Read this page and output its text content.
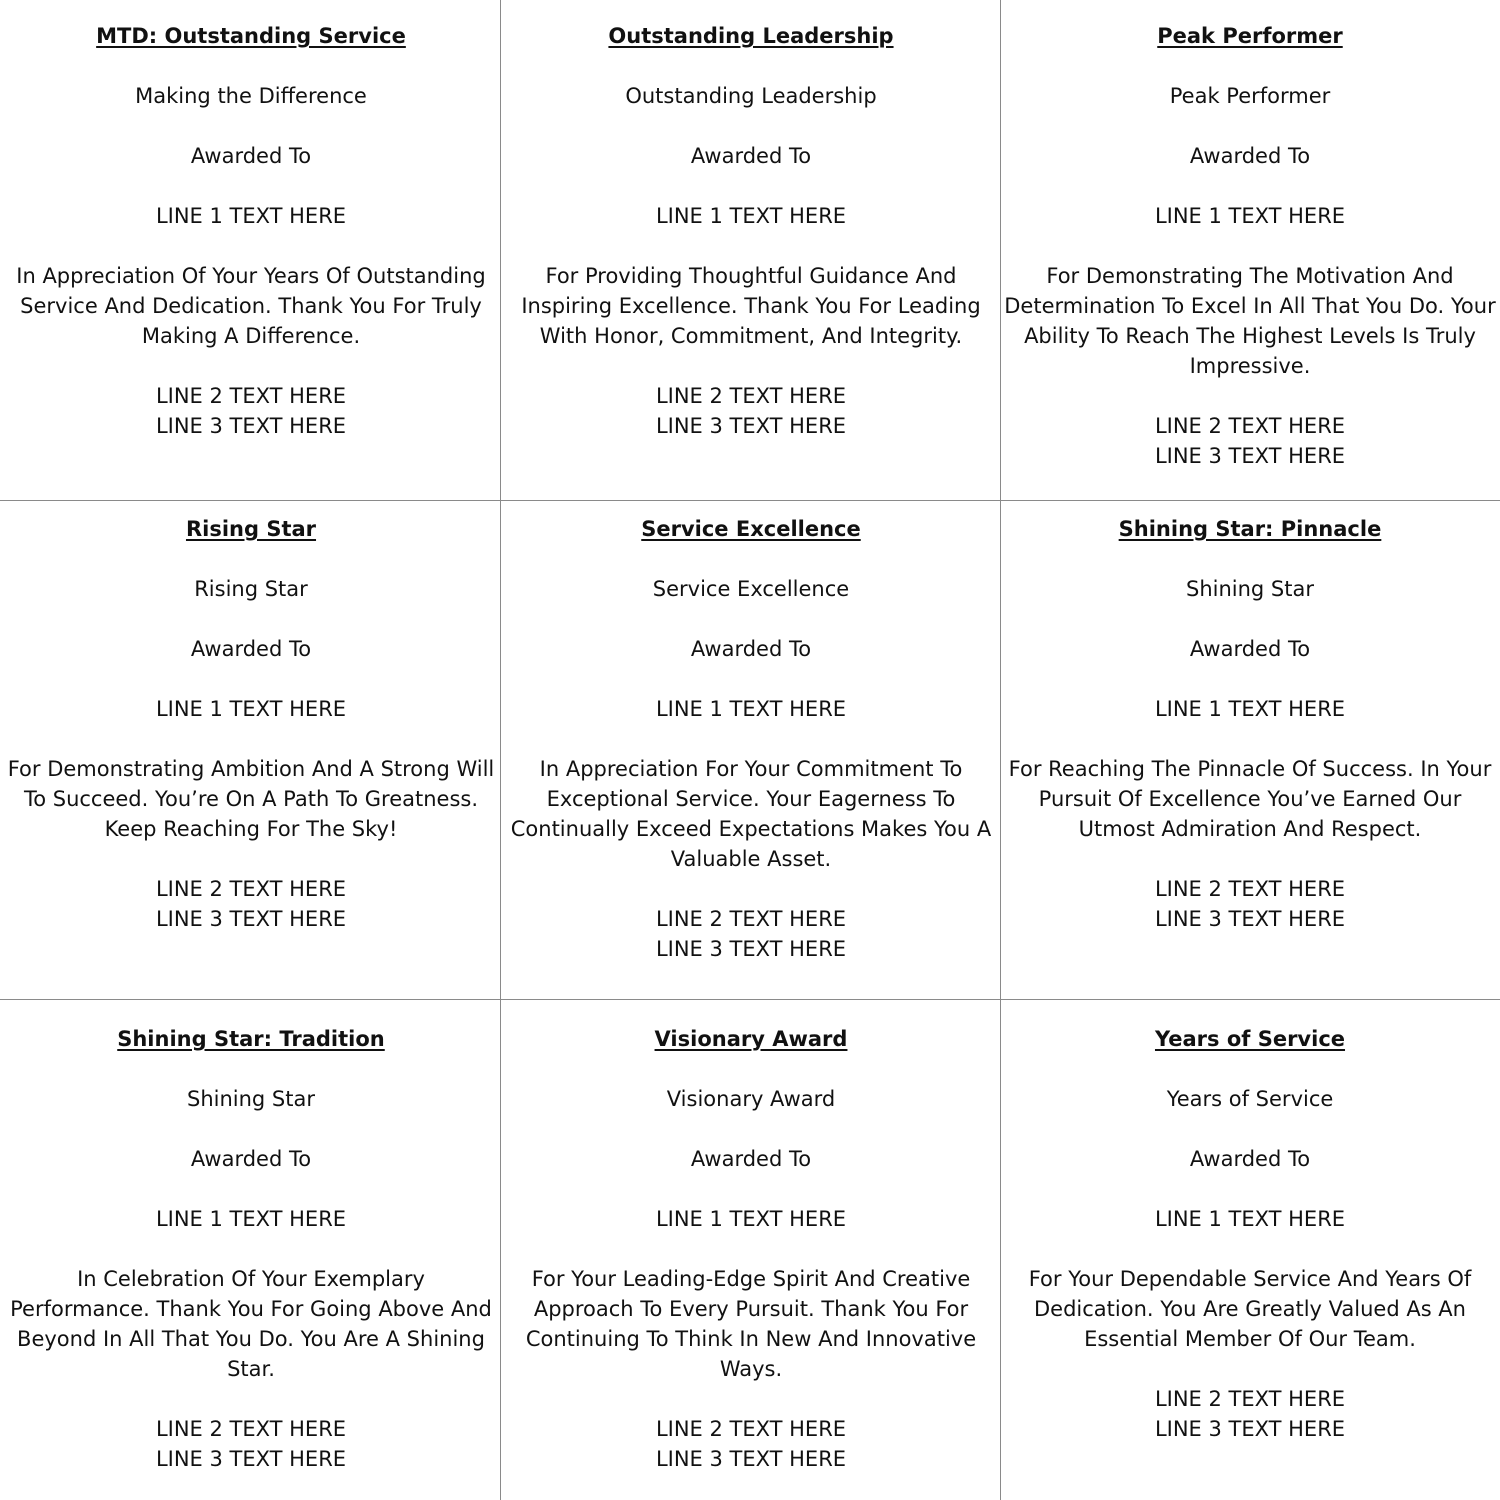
MTD: Outstanding Service
Making the Difference
Awarded To
LINE 1 TEXT HERE
In Appreciation Of Your Years Of Outstanding Service And Dedication. Thank You For Truly Making A Difference.
LINE 2 TEXT HERE
LINE 3 TEXT HERE
Outstanding Leadership
Outstanding Leadership
Awarded To
LINE 1 TEXT HERE
For Providing Thoughtful Guidance And Inspiring Excellence. Thank You For Leading With Honor, Commitment, And Integrity.
LINE 2 TEXT HERE
LINE 3 TEXT HERE
Peak Performer
Peak Performer
Awarded To
LINE 1 TEXT HERE
For Demonstrating The Motivation And Determination To Excel In All That You Do. Your Ability To Reach The Highest Levels Is Truly Impressive.
LINE 2 TEXT HERE
LINE 3 TEXT HERE
Rising Star
Rising Star
Awarded To
LINE 1 TEXT HERE
For Demonstrating Ambition And A Strong Will To Succeed. You’re On A Path To Greatness. Keep Reaching For The Sky!
LINE 2 TEXT HERE
LINE 3 TEXT HERE
Service Excellence
Service Excellence
Awarded To
LINE 1 TEXT HERE
In Appreciation For Your Commitment To Exceptional Service. Your Eagerness To Continually Exceed Expectations Makes You A Valuable Asset.
LINE 2 TEXT HERE
LINE 3 TEXT HERE
Shining Star: Pinnacle
Shining Star
Awarded To
LINE 1 TEXT HERE
For Reaching The Pinnacle Of Success. In Your Pursuit Of Excellence You’ve Earned Our Utmost Admiration And Respect.
LINE 2 TEXT HERE
LINE 3 TEXT HERE
Shining Star: Tradition
Shining Star
Awarded To
LINE 1 TEXT HERE
In Celebration Of Your Exemplary Performance. Thank You For Going Above And Beyond In All That You Do. You Are A Shining Star.
LINE 2 TEXT HERE
LINE 3 TEXT HERE
Visionary Award
Visionary Award
Awarded To
LINE 1 TEXT HERE
For Your Leading-Edge Spirit And Creative Approach To Every Pursuit. Thank You For Continuing To Think In New And Innovative Ways.
LINE 2 TEXT HERE
LINE 3 TEXT HERE
Years of Service
Years of Service
Awarded To
LINE 1 TEXT HERE
For Your Dependable Service And Years Of Dedication. You Are Greatly Valued As An Essential Member Of Our Team.
LINE 2 TEXT HERE
LINE 3 TEXT HERE
